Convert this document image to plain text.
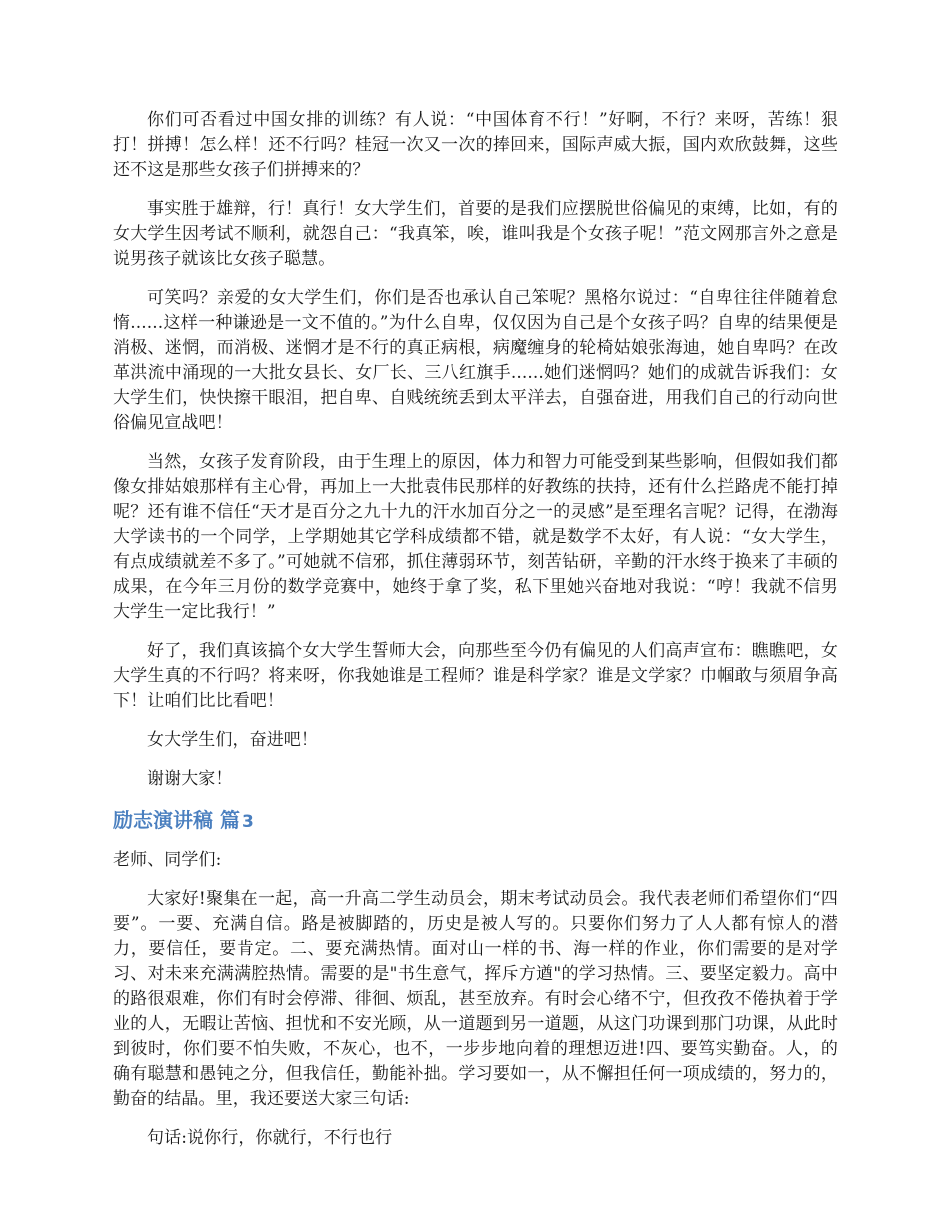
你们可否看过中国女排的训练？有人说：“中国体育不行！”好啊，不行？来呀，苦练！狠打！拼搏！怎么样！还不行吗？桂冠一次又一次的捧回来，国际声威大振，国内欢欣鼓舞，这些还不这是那些女孩子们拼搏来的？

事实胜于雄辩，行！真行！女大学生们，首要的是我们应摆脱世俗偏见的束缚，比如，有的女大学生因考试不顺利，就怨自己：“我真笨，唉，谁叫我是个女孩子呢！”范文网那言外之意是说男孩子就该比女孩子聪慧。

可笑吗？亲爱的女大学生们，你们是否也承认自己笨呢？黑格尔说过：“自卑往往伴随着怠惰......这样一种谦逊是一文不值的。”为什么自卑，仅仅因为自己是个女孩子吗？自卑的结果便是消极、迷惘，而消极、迷惘才是不行的真正病根，病魔缠身的轮椅姑娘张海迪，她自卑吗？在改革洪流中涌现的一大批女县长、女厂长、三八红旗手......她们迷惘吗？她们的成就告诉我们：女大学生们，快快擦干眼泪，把自卑、自贱统统丢到太平洋去，自强奋进，用我们自己的行动向世俗偏见宣战吧！

当然，女孩子发育阶段，由于生理上的原因，体力和智力可能受到某些影响，但假如我们都像女排姑娘那样有主心骨，再加上一大批袁伟民那样的好教练的扶持，还有什么拦路虎不能打掉呢？还有谁不信任“天才是百分之九十九的汗水加百分之一的灵感”是至理名言呢？记得，在渤海大学读书的一个同学，上学期她其它学科成绩都不错，就是数学不太好，有人说：“女大学生，有点成绩就差不多了。”可她就不信邪，抓住薄弱环节，刻苦钻研，辛勤的汗水终于换来了丰硕的成果，在今年三月份的数学竞赛中，她终于拿了奖，私下里她兴奋地对我说：“哼！我就不信男大学生一定比我行！”

好了，我们真该搞个女大学生誓师大会，向那些至今仍有偏见的人们高声宣布：瞧瞧吧，女大学生真的不行吗？将来呀，你我她谁是工程师？谁是科学家？谁是文学家？巾帼敢与须眉争高下！让咱们比比看吧！

女大学生们，奋进吧！

谢谢大家！

励志演讲稿 篇 3

老师、同学们:

大家好!聚集在一起，高一升高二学生动员会，期末考试动员会。我代表老师们希望你们“四要”。一要、充满自信。路是被脚踏的，历史是被人写的。只要你们努力了人人都有惊人的潜力，要信任，要肯定。二、要充满热情。面对山一样的书、海一样的作业，你们需要的是对学习、对未来充满满腔热情。需要的是"书生意气，挥斥方遒"的学习热情。三、要坚定毅力。高中的路很艰难，你们有时会停滞、徘徊、烦乱，甚至放弃。有时会心绪不宁，但孜孜不倦执着于学业的人，无暇让苦恼、担忧和不安光顾，从一道题到另一道题，从这门功课到那门功课，从此时到彼时，你们要不怕失败，不灰心，也不，一步步地向着的理想迈进!四、要笃实勤奋。人，的确有聪慧和愚钝之分，但我信任，勤能补拙。学习要如一，从不懈担任何一项成绩的，努力的，勤奋的结晶。里，我还要送大家三句话:

句话:说你行，你就行，不行也行
